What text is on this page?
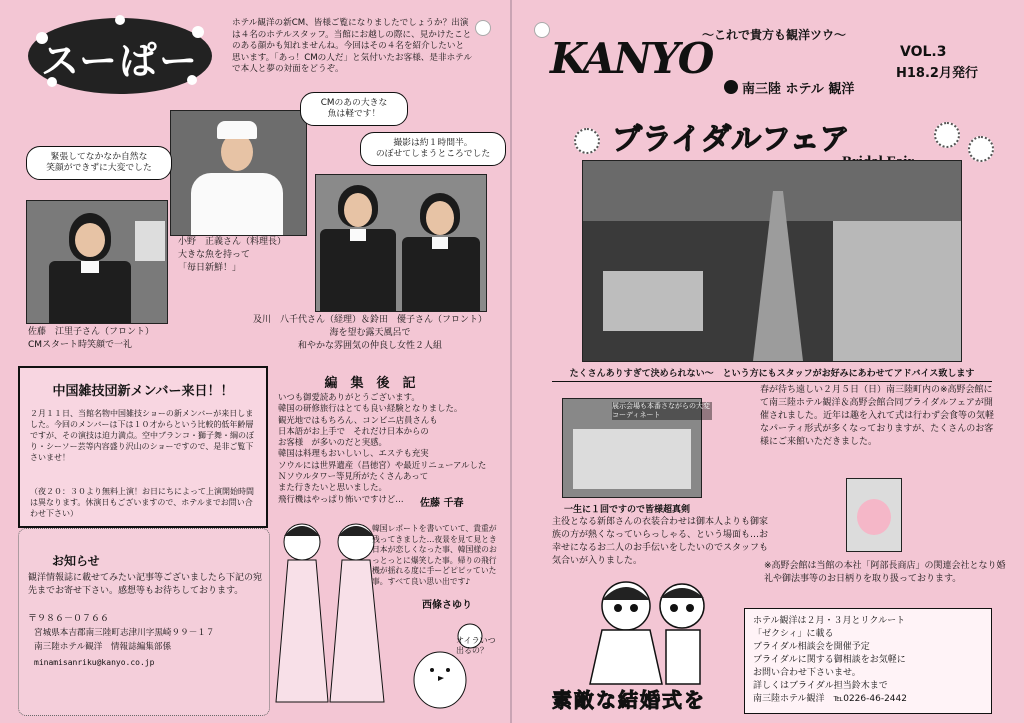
スーぱー
ホテル観洋の新CM、皆様ご覧になりましたでしょうか？出演は４名のホテルスタッフ。当館にお越しの際に、見かけたことのある顔かも知れませんね。今回はその４名を紹介したいと思います。「あっ！CMの人だ」と気付いたお客様、是非ホテルで本人と夢の対面をどうぞ。
CMのあの大きな
魚は軽です！
緊張してなかなか自然な
笑顔ができずに大変でした
撮影は約１時間半。
のぼせてしまうところでした
小野　正義さん（料理長）
大きな魚を持って
「毎日新鮮！」
佐藤　江里子さん（フロント）
CMスタート時笑顔で一礼
及川　八千代さん（経理）＆鈴田　優子さん（フロント）
海を望む露天風呂で
和やかな雰囲気の仲良し女性２人組
中国雑技団新メンバー来日！！
２月１１日、当館名物中国雑技ショーの新メンバーが来日しました。今回のメンバーは下は１０才からという比較的低年齢層ですが、その演技は迫力満点。空中ブランコ・獅子舞・綱のぼり・シーソー芸等内容盛り沢山のショーですので、是非ご覧下さいませ！
（夜２０：３０より無料上演！お日にちによって上演開始時間は異なります。休演日もございますので、ホテルまでお問い合わせ下さい）
編　集　後　記
いつも御愛読ありがとうございます。
韓国の研修旅行はとても良い経験となりました。
観光地ではもちろん、コンビニ店員さんも
日本語がお上手で　それだけ日本からの
お客様　が多いのだと実感。
韓国は料理もおいしいし、エステも充実
ソウルには世界遺産（昌徳宮）や最近リニューアルした
Ｎソウルタワー等見所がたくさんあって
また行きたいと思いました。
飛行機はやっぱり怖いですけど…	佐藤 千春
韓国レポートを書いていて、貴重が残ってきました…夜景を見て見とき日本が恋しくなった事、韓国様のおっとっとに爆笑した事。帰りの飛行機が揺れる度に手ーどピピッていた事。すべて良い思い出です♪
西條さゆり
オイラいつ出るの？
お知らせ
観洋情報誌に載せてみたい記事等ございましたら下記の宛先までお寄せ下さい。感想等もお待ちしております。
〒９８６－０７６６
宮城県本吉郡南三陸町志津川字黒崎９９－１７
南三陸ホテル観洋　情報誌編集部係
minamisanriku@kanyo.co.jp
～これで貴方も観洋ツウ～
KANYO
南三陸 ホテル 観洋
VOL.3
H18.2月発行
ブライダルフェア
たくさんありすぎて決められない～　という方にもスタッフがお好みにあわせてアドバイス致します
展示会場も本番さながらの大変コーディネート
一生に１回ですので皆様超真剣
春が待ち遠しい２月５日（日）南三陸町内の※高野会館にて南三陸ホテル観洋＆高野会館合同ブライダルフェアが開催されました。近年は趣を入れて式は行わず会食等の気軽なパーティ形式が多くなっておりますが、たくさんのお客様にご来館いただきました。
主役となる新郎さんの衣装合わせは御本人よりも御家族の方が熱くなっていらっしゃる、という場面も…お幸せになるお二人のお手伝いをしたいのでスタッフも気合いが入りました。	※高野会館は当館の本社「阿部長商店」の関連会社となり婚礼や御法事等のお日柄りを取り扱っております。
素敵な結婚式を
ホテル観洋は２月・３月とリクルート
「ゼクシィ」に載る
ブライダル相談会を開催予定
ブライダルに関する御相談をお気軽に
お問い合わせ下さいませ。
詳しくはブライダル担当鈴木まで
南三陸ホテル観洋　℡0226-46-2442
